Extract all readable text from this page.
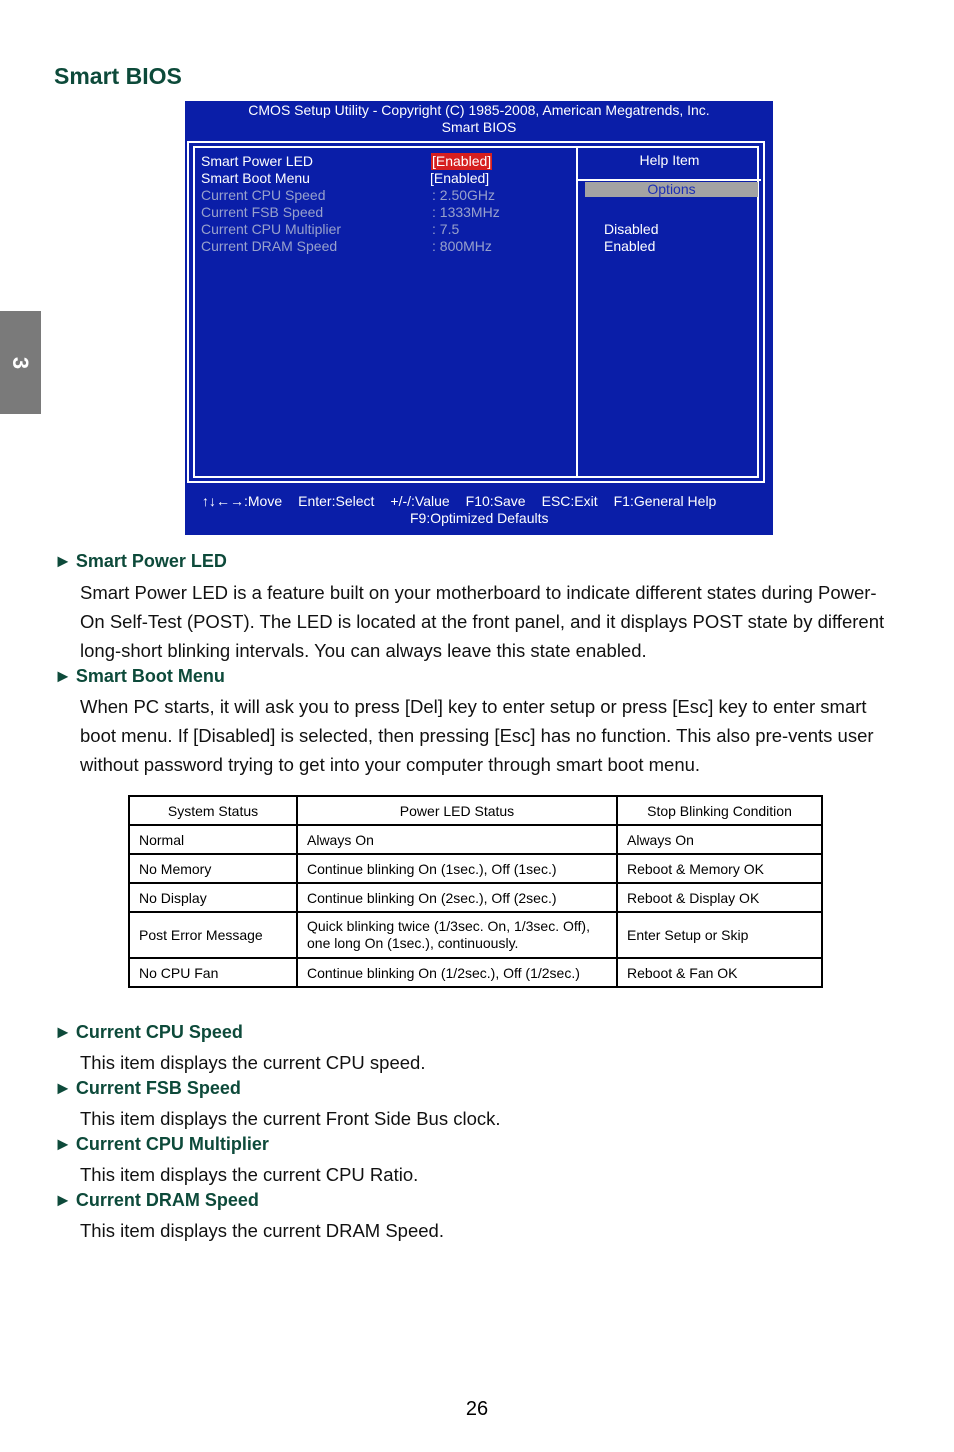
3
Smart BIOS
CMOS Setup Utility - Copyright (C) 1985-2008, American Megatrends, Inc.
Smart BIOS
Smart Power LED	[Enabled]
Smart Boot Menu	[Enabled]
Current CPU Speed	: 2.50GHz
Current FSB Speed	: 1333MHz
Current CPU Multiplier	: 7.5
Current DRAM Speed	: 800MHz
Help Item
Options
Disabled
Enabled
↑↓←→:Move Enter:Select +/-/:Value F10:Save ESC:Exit F1:General Help
F9:Optimized Defaults
► Smart Power LED

Smart Power LED is a feature built on your motherboard to indicate different states during Power-On Self-Test (POST). The LED is located at the front panel, and it displays POST state by different long-short blinking intervals. You can always leave this state enabled.

► Smart Boot Menu

When PC starts, it will ask you to press [Del] key to enter setup or press [Esc] key to enter smart boot menu. If [Disabled] is selected, then pressing [Esc] has no function. This also pre-vents user without password trying to get into your computer through smart boot menu.

System Status	Power LED Status	Stop Blinking Condition
Normal	Always On	Always On
No Memory	Continue blinking On (1sec.), Off (1sec.)	Reboot & Memory OK
No Display	Continue blinking On (2sec.), Off (2sec.)	Reboot & Display OK
Post Error Message	Quick blinking twice (1/3sec. On, 1/3sec. Off), one long On (1sec.), continuously.	Enter Setup or Skip
No CPU Fan	Continue blinking On (1/2sec.), Off (1/2sec.)	Reboot & Fan OK
► Current CPU Speed

This item displays the current CPU speed.

► Current FSB Speed

This item displays the current Front Side Bus clock.

► Current CPU Multiplier

This item displays the current CPU Ratio.

► Current DRAM Speed

This item displays the current DRAM Speed.

26
